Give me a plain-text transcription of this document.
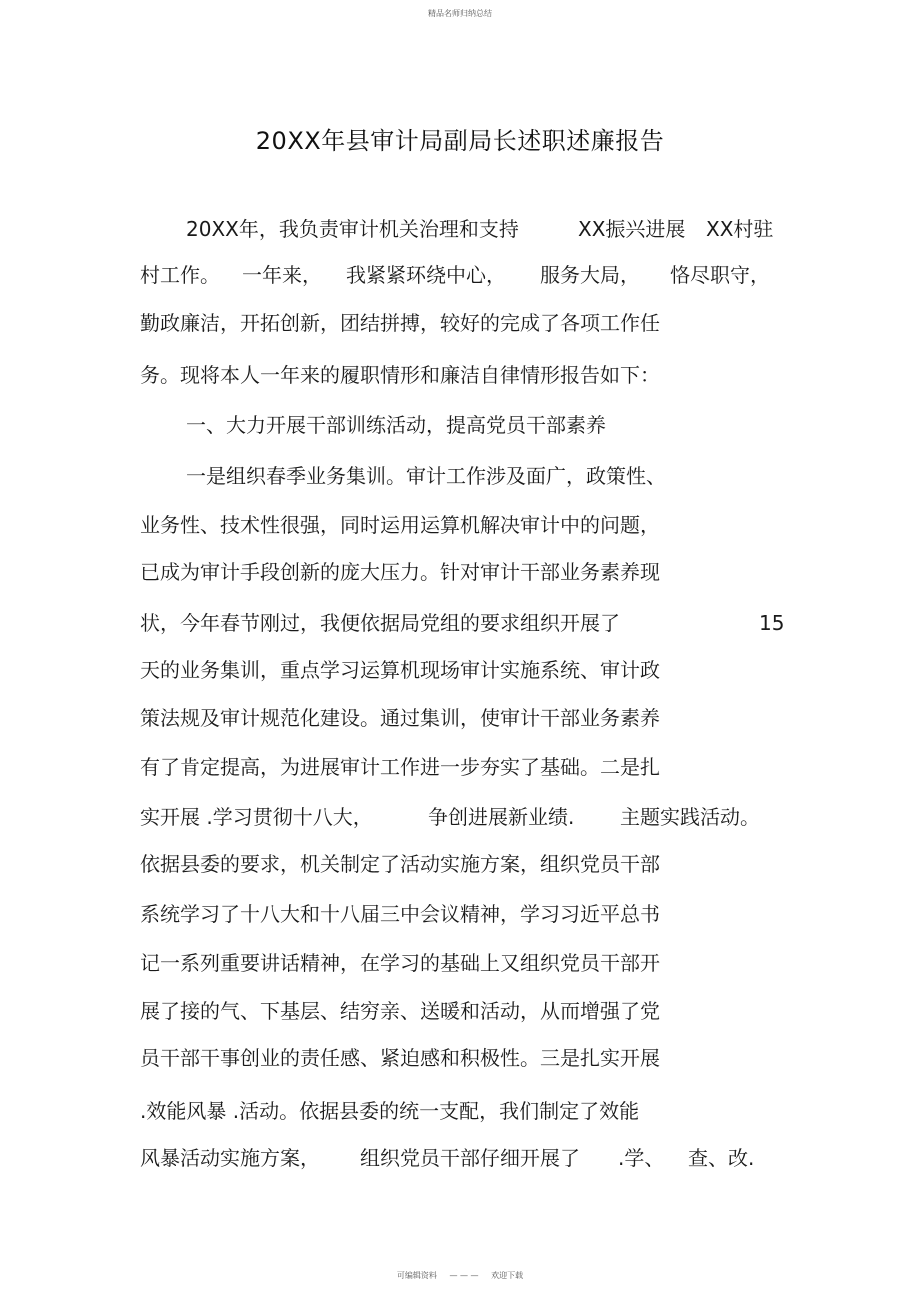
精品名师归纳总结
20XX年县审计局副局长述职述廉报告
20XX年，我负责审计机关治理和支持	XX振兴进展 XX村驻
村工作。 一年来， 我紧紧环绕中心， 服务大局， 恪尽职守，
勤政廉洁，开拓创新，团结拼搏，较好的完成了各项工作任
务。现将本人一年来的履职情形和廉洁自律情形报告如下：
一、大力开展干部训练活动，提高党员干部素养
一是组织春季业务集训。审计工作涉及面广，政策性、
业务性、技术性很强，同时运用运算机解决审计中的问题，
已成为审计手段创新的庞大压力。针对审计干部业务素养现
状，今年春节刚过，我便依据局党组的要求组织开展了	15
天的业务集训，重点学习运算机现场审计实施系统、审计政
策法规及审计规范化建设。通过集训，使审计干部业务素养
有了肯定提高，为进展审计工作进一步夯实了基础。二是扎
实开展 .学习贯彻十八大，	争创进展新业绩. 主题实践活动。
依据县委的要求，机关制定了活动实施方案，组织党员干部
系统学习了十八大和十八届三中会议精神，学习习近平总书
记一系列重要讲话精神，在学习的基础上又组织党员干部开
展了接的气、下基层、结穷亲、送暖和活动，从而增强了党
员干部干事创业的责任感、紧迫感和积极性。三是扎实开展
.效能风暴 .活动。依据县委的统一支配，我们制定了效能
风暴活动实施方案， 组织党员干部仔细开展了 .学、 查、改.
可编辑资料 — — — 欢迎下载
